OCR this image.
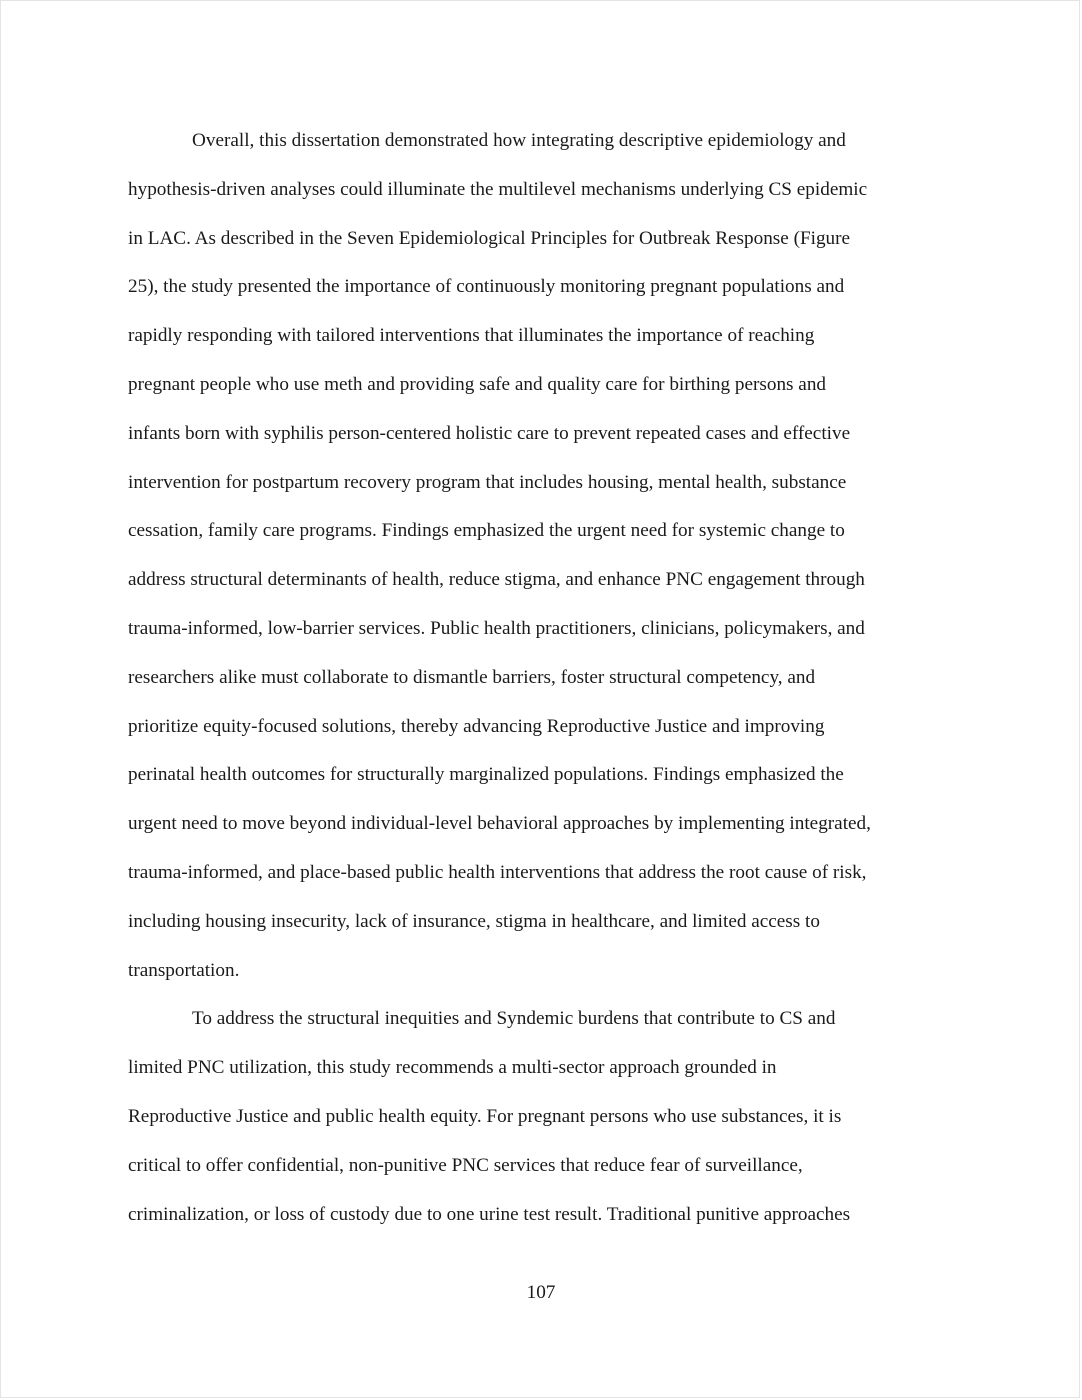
Overall, this dissertation demonstrated how integrating descriptive epidemiology and
hypothesis-driven analyses could illuminate the multilevel mechanisms underlying CS epidemic
in LAC. As described in the Seven Epidemiological Principles for Outbreak Response (Figure
25), the study presented the importance of continuously monitoring pregnant populations and
rapidly responding with tailored interventions that illuminates the importance of reaching
pregnant people who use meth and providing safe and quality care for birthing persons and
infants born with syphilis person-centered holistic care to prevent repeated cases and effective
intervention for postpartum recovery program that includes housing, mental health, substance
cessation, family care programs. Findings emphasized the urgent need for systemic change to
address structural determinants of health, reduce stigma, and enhance PNC engagement through
trauma-informed, low-barrier services. Public health practitioners, clinicians, policymakers, and
researchers alike must collaborate to dismantle barriers, foster structural competency, and
prioritize equity-focused solutions, thereby advancing Reproductive Justice and improving
perinatal health outcomes for structurally marginalized populations. Findings emphasized the
urgent need to move beyond individual-level behavioral approaches by implementing integrated,
trauma-informed, and place-based public health interventions that address the root cause of risk,
including housing insecurity, lack of insurance, stigma in healthcare, and limited access to
transportation.
To address the structural inequities and Syndemic burdens that contribute to CS and
limited PNC utilization, this study recommends a multi-sector approach grounded in
Reproductive Justice and public health equity. For pregnant persons who use substances, it is
critical to offer confidential, non-punitive PNC services that reduce fear of surveillance,
criminalization, or loss of custody due to one urine test result. Traditional punitive approaches
107
